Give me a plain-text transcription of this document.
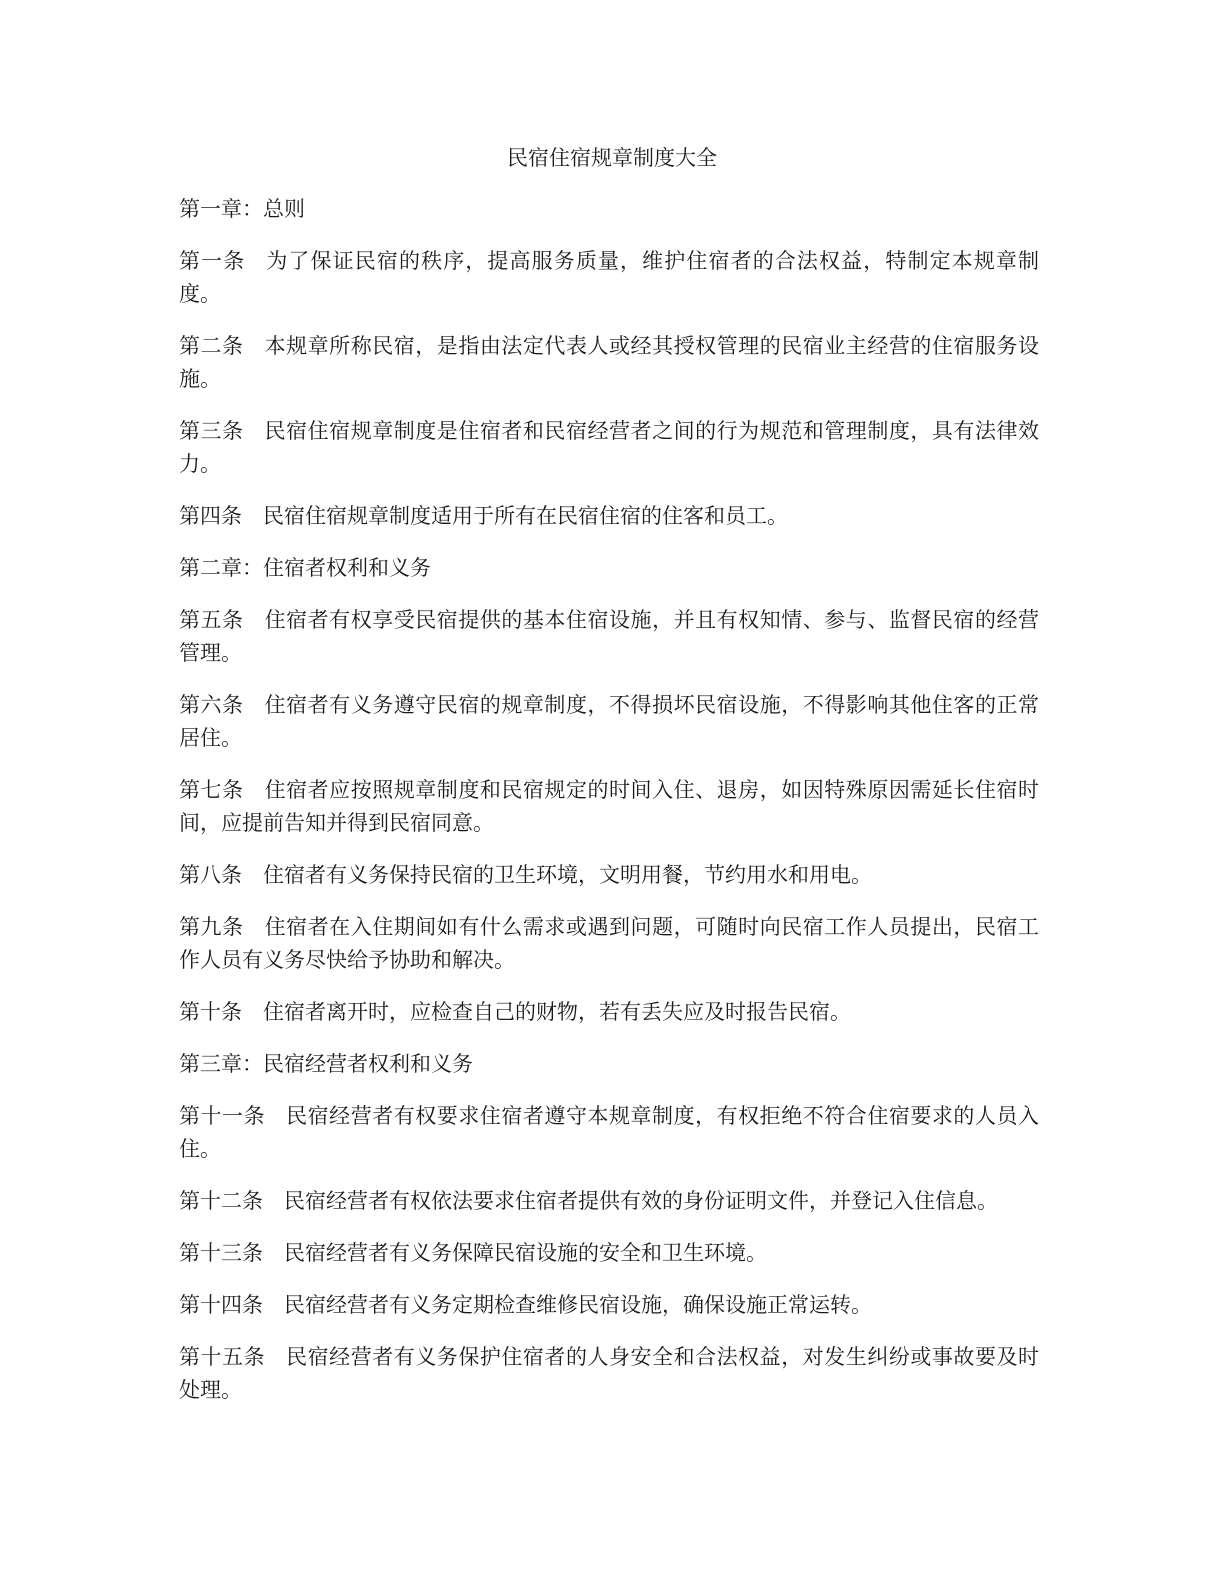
民宿住宿规章制度大全

第一章：总则

第一条 为了保证民宿的秩序，提高服务质量，维护住宿者的合法权益，特制定本规章制度。

第二条 本规章所称民宿，是指由法定代表人或经其授权管理的民宿业主经营的住宿服务设施。

第三条 民宿住宿规章制度是住宿者和民宿经营者之间的行为规范和管理制度，具有法律效力。

第四条 民宿住宿规章制度适用于所有在民宿住宿的住客和员工。

第二章：住宿者权利和义务

第五条 住宿者有权享受民宿提供的基本住宿设施，并且有权知情、参与、监督民宿的经营管理。

第六条 住宿者有义务遵守民宿的规章制度，不得损坏民宿设施，不得影响其他住客的正常居住。

第七条 住宿者应按照规章制度和民宿规定的时间入住、退房，如因特殊原因需延长住宿时间，应提前告知并得到民宿同意。

第八条 住宿者有义务保持民宿的卫生环境，文明用餐，节约用水和用电。

第九条 住宿者在入住期间如有什么需求或遇到问题，可随时向民宿工作人员提出，民宿工作人员有义务尽快给予协助和解决。

第十条 住宿者离开时，应检查自己的财物，若有丢失应及时报告民宿。

第三章：民宿经营者权利和义务

第十一条 民宿经营者有权要求住宿者遵守本规章制度，有权拒绝不符合住宿要求的人员入住。

第十二条 民宿经营者有权依法要求住宿者提供有效的身份证明文件，并登记入住信息。

第十三条 民宿经营者有义务保障民宿设施的安全和卫生环境。

第十四条 民宿经营者有义务定期检查维修民宿设施，确保设施正常运转。

第十五条 民宿经营者有义务保护住宿者的人身安全和合法权益，对发生纠纷或事故要及时处理。
